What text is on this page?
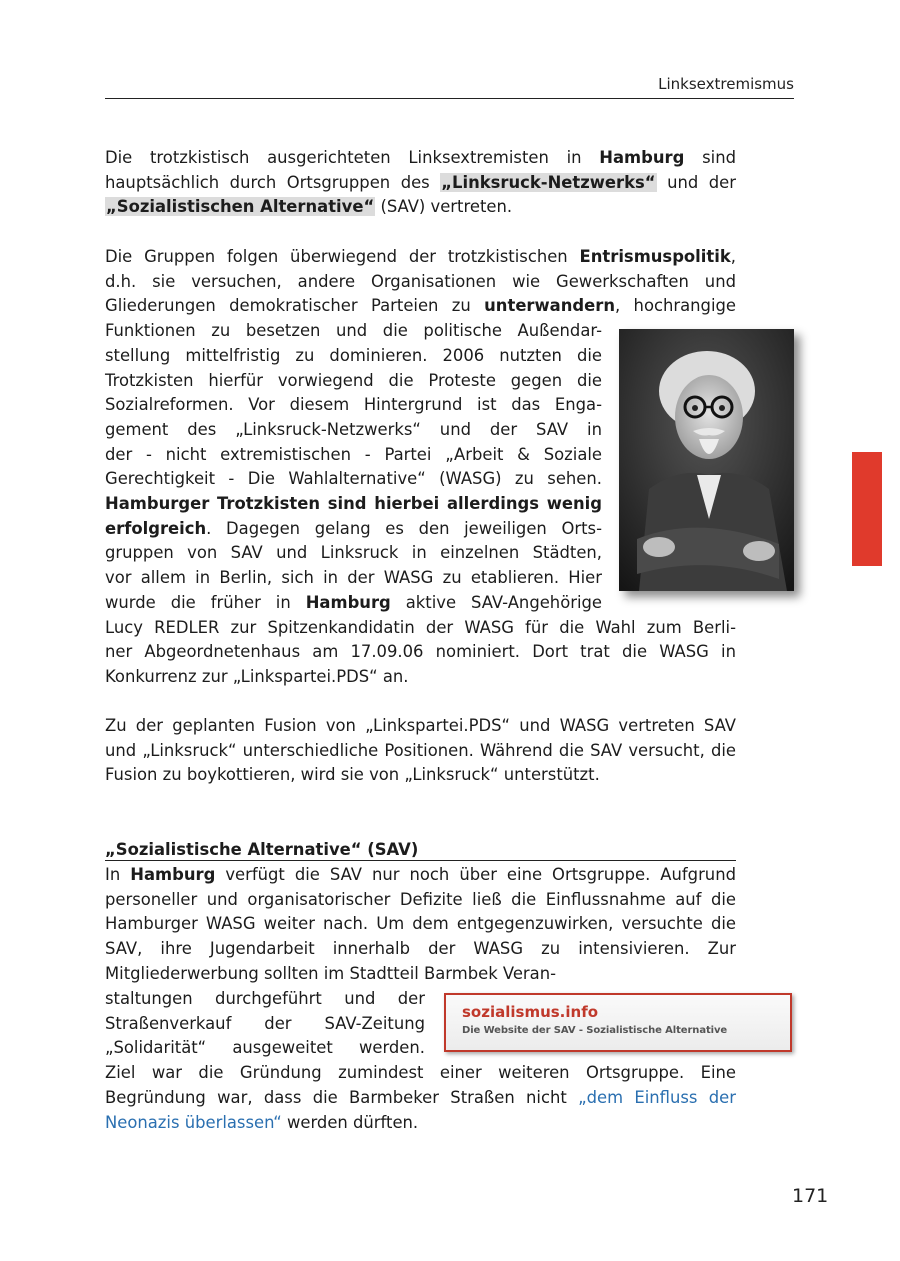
Linksextremismus
Die trotzkistisch ausgerichteten Linksextremisten in Hamburg sind hauptsächlich durch Ortsgruppen des „Linksruck-Netzwerks“ und der „Sozialistischen Alternative“ (SAV) vertreten.
Die Gruppen folgen überwiegend der trotzkistischen Entrismuspolitik,
d.h. sie versuchen, andere Organisationen wie Gewerkschaften und
Gliederungen demokratischer Parteien zu unterwandern, hochrangige
Funktionen zu besetzen und die politische Außendar-
stellung mittelfristig zu dominieren. 2006 nutzten die
Trotzkisten hierfür vorwiegend die Proteste gegen die
Sozialreformen. Vor diesem Hintergrund ist das Enga-
gement des „Linksruck-Netzwerks“ und der SAV in
der - nicht extremistischen - Partei „Arbeit & Soziale
Gerechtigkeit - Die Wahlalternative“ (WASG) zu sehen.
Hamburger Trotzkisten sind hierbei allerdings wenig
erfolgreich. Dagegen gelang es den jeweiligen Orts-
gruppen von SAV und Linksruck in einzelnen Städten,
vor allem in Berlin, sich in der WASG zu etablieren. Hier
wurde die früher in Hamburg aktive SAV-Angehörige
Lucy REDLER zur Spitzenkandidatin der WASG für die Wahl zum Berli-
ner Abgeordnetenhaus am 17.09.06 nominiert. Dort trat die WASG in
Konkurrenz zur „Linkspartei.PDS“ an.
Zu der geplanten Fusion von „Linkspartei.PDS“ und WASG vertreten SAV und „Linksruck“ unterschiedliche Positionen. Während die SAV versucht, die Fusion zu boykottieren, wird sie von „Linksruck“ unterstützt.
„Sozialistische Alternative“ (SAV)
In Hamburg verfügt die SAV nur noch über eine Ortsgruppe. Aufgrund personeller und organisatorischer Defizite ließ die Einflussnahme auf die Hamburger WASG weiter nach. Um dem entgegenzuwirken, versuchte die SAV, ihre Jugendarbeit innerhalb der WASG zu intensivieren. Zur Mitgliederwerbung sollten im Stadtteil Barmbek Veran-
staltungen durchgeführt und der
Straßenverkauf der SAV-Zeitung
„Solidarität“ ausgeweitet werden.
Ziel war die Gründung zumindest einer weiteren Ortsgruppe. Eine
Begründung war, dass die Barmbeker Straßen nicht „dem Einfluss der
Neonazis überlassen“ werden dürften.
sozialismus.info
Die Website der SAV - Sozialistische Alternative
171
